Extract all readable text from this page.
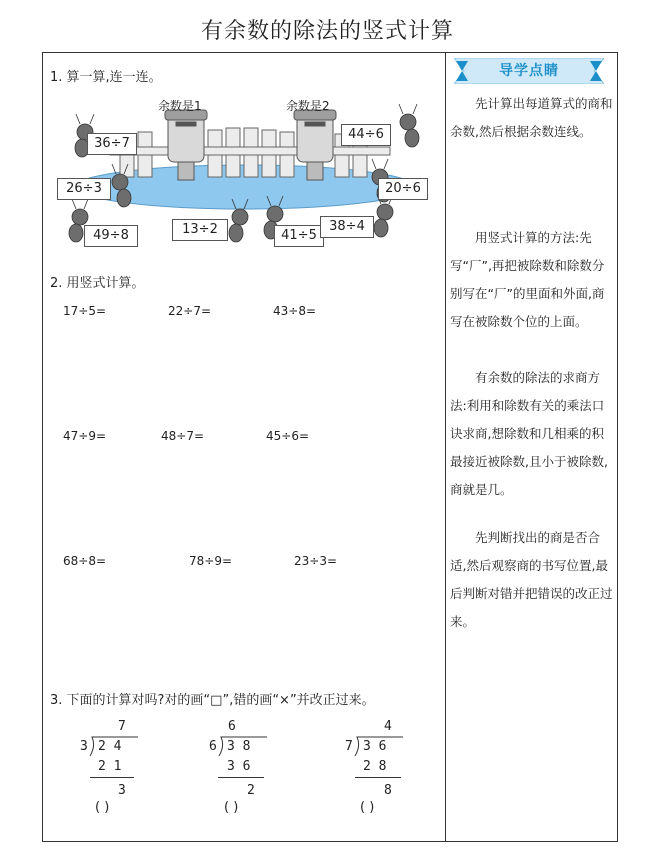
有余数的除法的竖式计算
1. 算一算,连一连。
余数是1	余数是2
36÷7
44÷6
26÷3	20÷6
49÷8	13÷2	41÷5
38÷4
2. 用竖式计算。
17÷5=	22÷7=	43÷8=
47÷9=	48÷7=	45÷6=
68÷8=	78÷9=	23÷3=
3. 下面的计算对吗?对的画“□”,错的画“×”并改正过来。
7
3 2 4
2 1
3
( )
6
6 3 8
3 6
2
( )
4
7 3 6
2 8
8
( )
导学点睛
先计算出每道算式的商和余数,然后根据余数连线。
用竖式计算的方法:先写“厂”,再把被除数和除数分别写在“厂”的里面和外面,商写在被除数个位的上面。
有余数的除法的求商方法:利用和除数有关的乘法口诀求商,想除数和几相乘的积最接近被除数,且小于被除数,商就是几。
先判断找出的商是否合适,然后观察商的书写位置,最后判断对错并把错误的改正过来。
